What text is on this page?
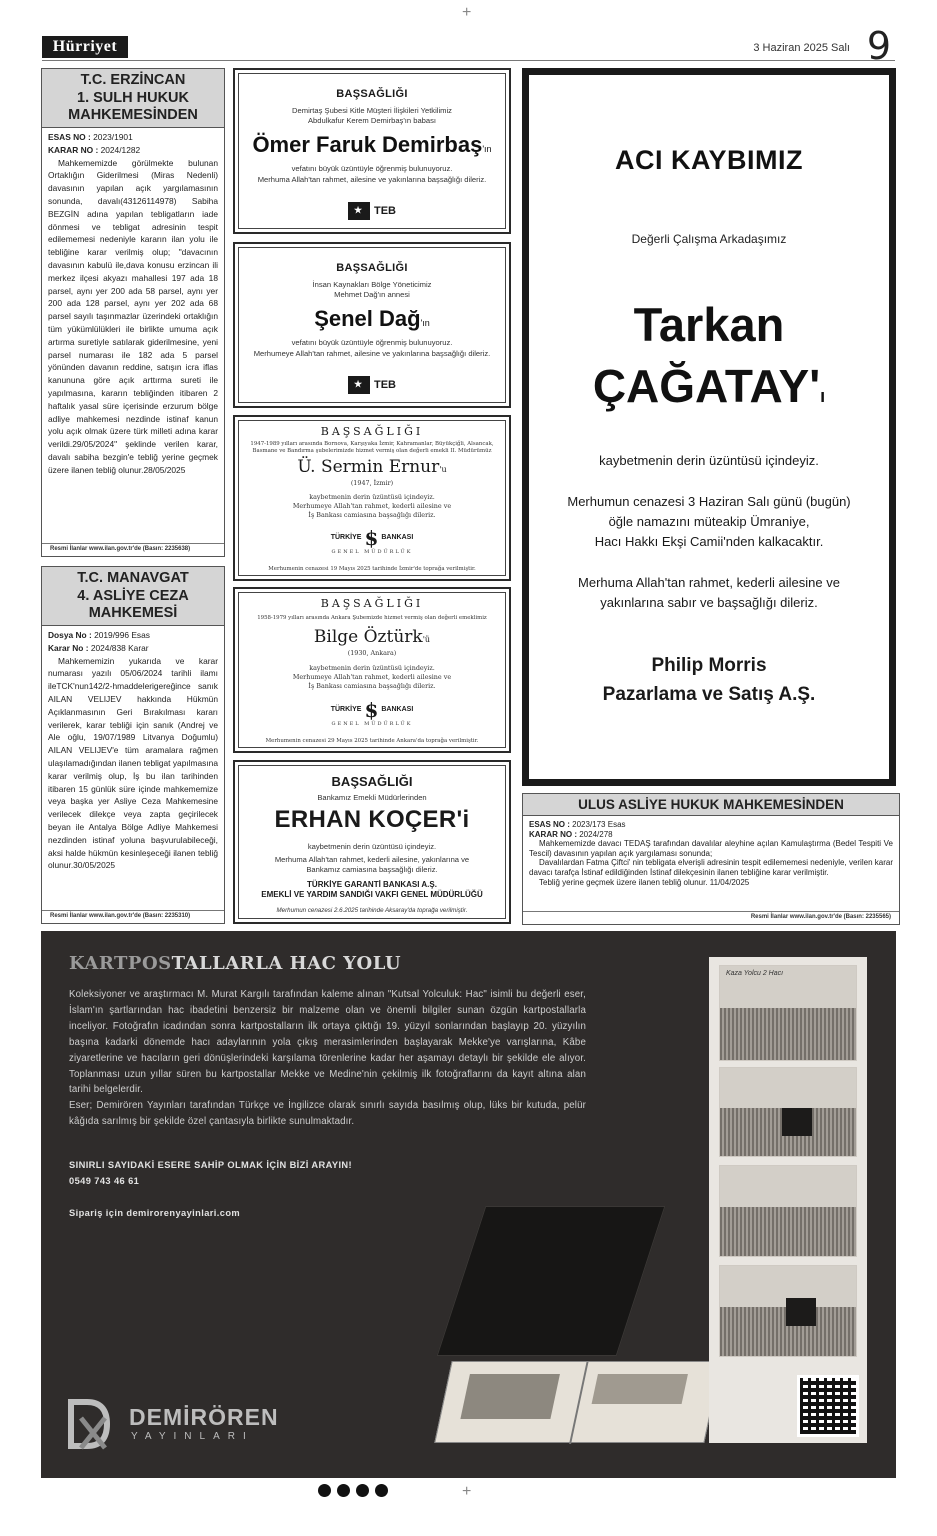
Hürriyet	3 Haziran 2025 Salı 9
+
T.C. ERZİNCAN
1. SULH HUKUK
MAHKEMESİNDEN
ESAS NO : 2023/1901
KARAR NO : 2024/1282
Mahkememizde görülmekte bulunan Ortaklığın Giderilmesi (Miras Nedenli) davasının yapılan açık yargılamasının sonunda, davalı(43126114978) Sabiha BEZGİN adına yapılan tebligatların iade dönmesi ve tebligat adresinin tespit edilememesi nedeniyle kararın ilan yolu ile tebliğine karar verilmiş olup; "davacının davasının kabulü ile,dava konusu erzincan ili merkez ilçesi akyazı mahallesi 197 ada 18 parsel, aynı yer 200 ada 58 parsel, aynı yer 200 ada 128 parsel, aynı yer 202 ada 68 parsel sayılı taşınmazlar üzerindeki ortaklığın tüm yükümlülükleri ile birlikte umuma açık artırma suretiyle satılarak giderilmesine, yeni parsel numarası ile 182 ada 5 parsel yönünden davanın reddine, satışın icra iflas kanununa göre açık arttırma sureti ile yapılmasına, kararın tebliğinden itibaren 2 haftalık yasal süre içerisinde erzurum bölge adliye mahkemesi nezdinde istinaf kanun yolu açık olmak üzere türk milleti adına karar verildi.29/05/2024" şeklinde verilen karar, davalı sabiha bezgin'e tebliğ yerine geçmek üzere ilanen tebliğ olunur.28/05/2025
Resmi İlanlar www.ilan.gov.tr'de (Basın: 2235638)
T.C. MANAVGAT
4. ASLİYE CEZA
MAHKEMESİ
Dosya No : 2019/996 Esas
Karar No : 2024/838 Karar
Mahkememizin yukarıda ve karar numarası yazılı 05/06/2024 tarihli ilamı ileTCK'nun142/2-hmaddelerigereğince sanık AILAN VELIJEV hakkında Hükmün Açıklanmasının Geri Bırakılması kararı verilerek, karar tebliği için sanık (Andrej ve Ale oğlu, 19/07/1989 Litvanya Doğumlu) AILAN VELIJEV'e tüm aramalara rağmen ulaşılamadığından ilanen tebligat yapılmasına karar verilmiş olup, İş bu ilan tarihinden itibaren 15 günlük süre içinde mahkememize veya başka yer Asliye Ceza Mahkemesine verilecek dilekçe veya zapta geçirilecek beyan ile Antalya Bölge Adliye Mahkemesi nezdinden istinaf yoluna başvurulabileceği, aksi halde hükmün kesinleşeceği ilanen tebliğ olunur.30/05/2025
Resmi İlanlar www.ilan.gov.tr'de (Basın: 2235310)
BAŞSAĞLIĞI
Demirtaş Şubesi Kitle Müşteri İlişkileri Yetkilimiz
Abdulkafur Kerem Demirbaş'ın babası
Ömer Faruk Demirbaş'ın
vefatını büyük üzüntüyle öğrenmiş bulunuyoruz.
Merhuma Allah'tan rahmet, ailesine ve yakınlarına başsağlığı dileriz.
★
TEB
BAŞSAĞLIĞI
İnsan Kaynakları Bölge Yöneticimiz
Mehmet Dağ'ın annesi
Şenel Dağ'ın
vefatını büyük üzüntüyle öğrenmiş bulunuyoruz.
Merhumeye Allah'tan rahmet, ailesine ve yakınlarına başsağlığı dileriz.
★
TEB
BAŞSAĞLIĞI
1947-1989 yılları arasında Bornova, Karşıyaka İzmir, Kahramanlar, Büyükçiğli, Alsancak,
Basmane ve Bandırma şubelerimizde hizmet vermiş olan değerli emekli II. Müdürümüz
Ü. Sermin Ernur'u
(1947, İzmir)
kaybetmenin derin üzüntüsü içindeyiz.
Merhumeye Allah'tan rahmet, kederli ailesine ve
İş Bankası camiasına başsağlığı dileriz.
TÜRKİYE $ BANKASI
GENEL MÜDÜRLÜK
Merhumenin cenazesi 19 Mayıs 2025 tarihinde İzmir'de toprağa verilmiştir.
BAŞSAĞLIĞI
1958-1979 yılları arasında Ankara Şubemizde hizmet vermiş olan değerli emeklimiz
Bilge Öztürk'ü
(1930, Ankara)
kaybetmenin derin üzüntüsü içindeyiz.
Merhumeye Allah'tan rahmet, kederli ailesine ve
İş Bankası camiasına başsağlığı dileriz.
TÜRKİYE $ BANKASI
GENEL MÜDÜRLÜK
Merhumenin cenazesi 29 Mayıs 2025 tarihinde Ankara'da toprağa verilmiştir.
BAŞSAĞLIĞI
Bankamız Emekli Müdürlerinden
ERHAN KOÇER'i
kaybetmenin derin üzüntüsü içindeyiz.
Merhuma Allah'tan rahmet, kederli ailesine, yakınlarına ve
Bankamız camiasına başsağlığı dileriz.
TÜRKİYE GARANTİ BANKASI A.Ş.
EMEKLİ VE YARDIM SANDIĞI VAKFI GENEL MÜDÜRLÜĞÜ
Merhumun cenazesi 2.6.2025 tarihinde Aksaray'da toprağa verilmiştir.
ACI KAYBIMIZ
Değerli Çalışma Arkadaşımız
Tarkan
ÇAĞATAY'ı
kaybetmenin derin üzüntüsü içindeyiz.
Merhumun cenazesi 3 Haziran Salı günü (bugün)
öğle namazını müteakip Ümraniye,
Hacı Hakkı Ekşi Camii'nden kalkacaktır.
Merhuma Allah'tan rahmet, kederli ailesine ve
yakınlarına sabır ve başsağlığı dileriz.
Philip Morris
Pazarlama ve Satış A.Ş.
ULUS ASLİYE HUKUK MAHKEMESİNDEN
ESAS NO : 2023/173 Esas
KARAR NO : 2024/278
Mahkememizde davacı TEDAŞ tarafından davalılar aleyhine açılan Kamulaştırma (Bedel Tespiti Ve Tescil) davasının yapılan açık yargılaması sonunda;
Davalılardan Fatma Çiftci' nin tebligata elverişli adresinin tespit edilememesi nedeniyle, verilen karar davacı tarafça İstinaf edildiğinden İstinaf dilekçesinin ilanen tebliğine karar verilmiştir.
Tebliğ yerine geçmek üzere ilanen tebliğ olunur. 11/04/2025
Resmi İlanlar www.ilan.gov.tr'de (Basın: 2235565)
KARTPOSTALLARLA HAC YOLU
Koleksiyoner ve araştırmacı M. Murat Kargılı tarafından kaleme alınan "Kutsal Yolculuk: Hac" isimli bu değerli eser, İslam'ın şartlarından hac ibadetini benzersiz bir malzeme olan ve önemli bilgiler sunan özgün kartpostallarla inceliyor. Fotoğrafın icadından sonra kartpostalların ilk ortaya çıktığı 19. yüzyıl sonlarından başlayıp 20. yüzyılın başına kadarki dönemde hacı adaylarının yola çıkış merasimlerinden başlayarak Mekke'ye varışlarına, Kâbe ziyaretlerine ve hacıların geri dönüşlerindeki karşılama törenlerine kadar her aşamayı detaylı bir şekilde ele alıyor. Toplanması uzun yıllar süren bu kartpostallar Mekke ve Medine'nin çekilmiş ilk fotoğraflarını da kayıt altına alan tarihi belgelerdir.
Eser; Demirören Yayınları tarafından Türkçe ve İngilizce olarak sınırlı sayıda basılmış olup, lüks bir kutuda, pelür kâğıda sarılmış bir şekilde özel çantasıyla birlikte sunulmaktadır.
SINIRLI SAYIDAKİ ESERE SAHİP OLMAK İÇİN BİZİ ARAYIN!
0549 743 46 61
Sipariş için demirorenyayinlari.com
Kaza Yolcu 2 Hacı
DEMİRÖREN
YAYINLARI
+
